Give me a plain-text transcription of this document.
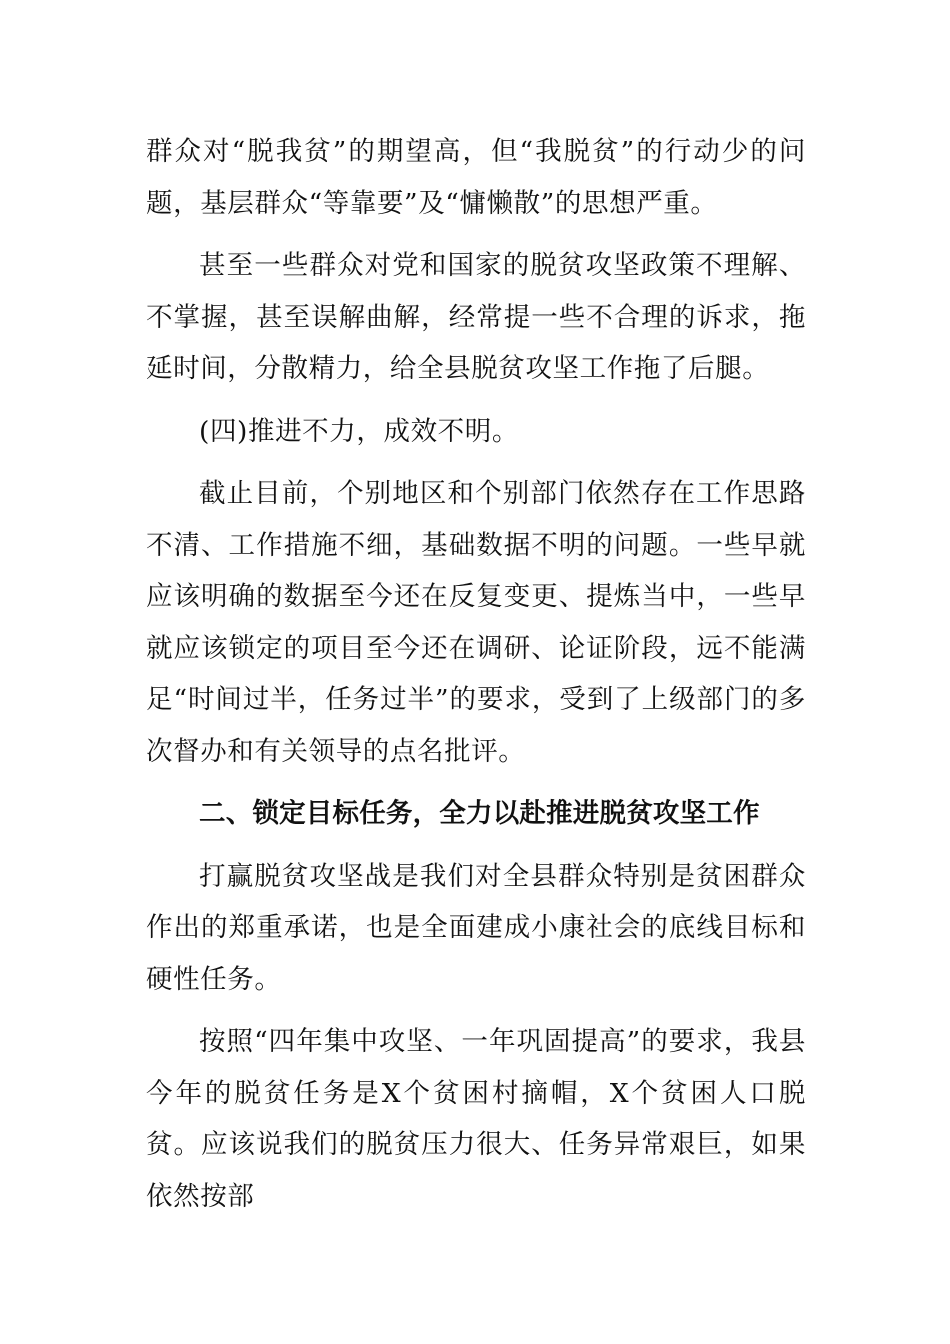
群众对“脱我贫”的期望高，但“我脱贫”的行动少的问题，基层群众“等靠要”及“慵懒散”的思想严重。

甚至一些群众对党和国家的脱贫攻坚政策不理解、不掌握，甚至误解曲解，经常提一些不合理的诉求，拖延时间，分散精力，给全县脱贫攻坚工作拖了后腿。

(四)推进不力，成效不明。

截止目前，个别地区和个别部门依然存在工作思路不清、工作措施不细，基础数据不明的问题。一些早就应该明确的数据至今还在反复变更、提炼当中，一些早就应该锁定的项目至今还在调研、论证阶段，远不能满足“时间过半，任务过半”的要求，受到了上级部门的多次督办和有关领导的点名批评。

二、锁定目标任务，全力以赴推进脱贫攻坚工作

打赢脱贫攻坚战是我们对全县群众特别是贫困群众作出的郑重承诺，也是全面建成小康社会的底线目标和硬性任务。

按照“四年集中攻坚、一年巩固提高”的要求，我县今年的脱贫任务是X个贫困村摘帽，X个贫困人口脱贫。应该说我们的脱贫压力很大、任务异常艰巨，如果依然按部
